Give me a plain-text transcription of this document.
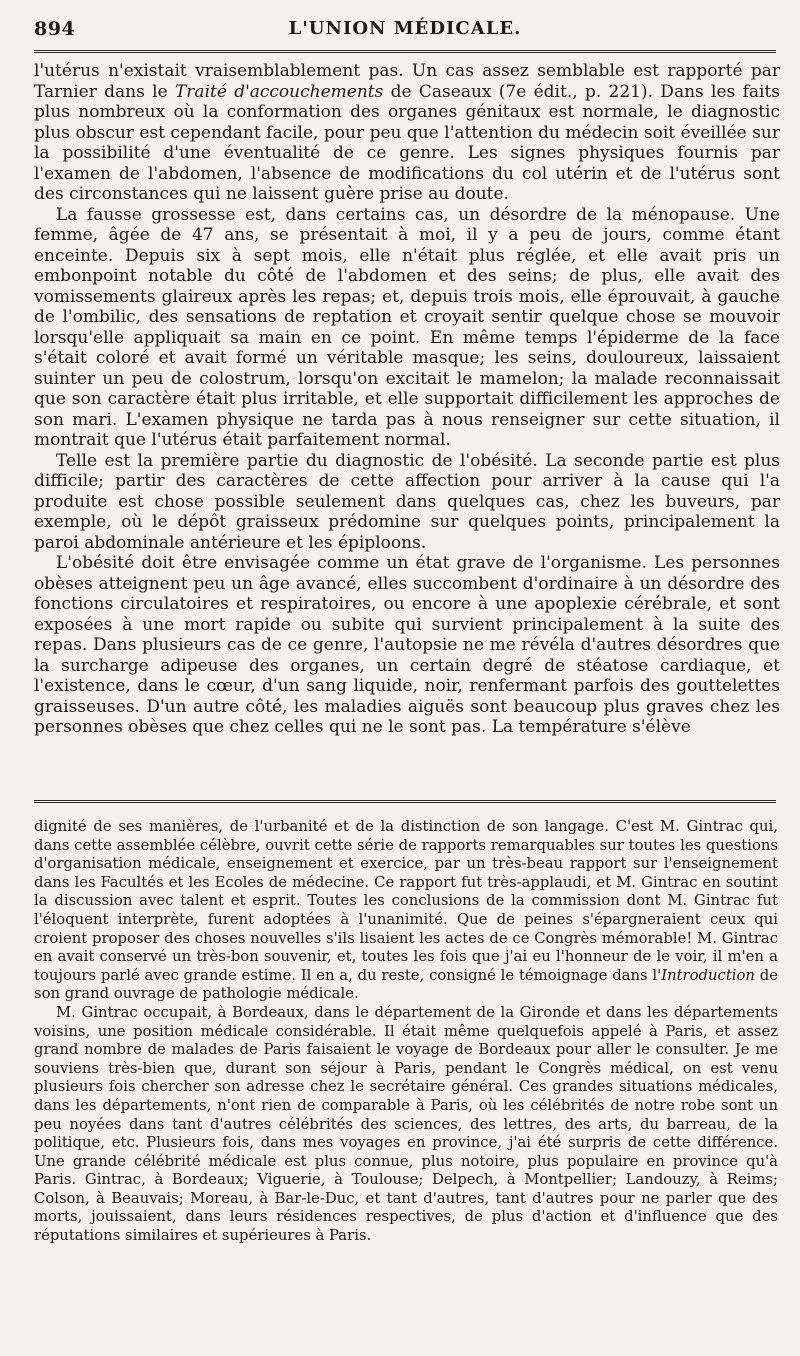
894	L'UNION MÉDICALE.

l'utérus n'existait vraisemblablement pas. Un cas assez semblable est rapporté par Tarnier dans le Traité d'accouchements de Caseaux (7e édit., p. 221). Dans les faits plus nombreux où la conformation des organes génitaux est normale, le diagnostic plus obscur est cependant facile, pour peu que l'attention du médecin soit éveillée sur la possibilité d'une éventualité de ce genre. Les signes physiques fournis par l'examen de l'abdomen, l'absence de modifications du col utérin et de l'utérus sont des circonstances qui ne laissent guère prise au doute.

La fausse grossesse est, dans certains cas, un désordre de la ménopause. Une femme, âgée de 47 ans, se présentait à moi, il y a peu de jours, comme étant enceinte. Depuis six à sept mois, elle n'était plus réglée, et elle avait pris un embonpoint notable du côté de l'abdomen et des seins; de plus, elle avait des vomissements glaireux après les repas; et, depuis trois mois, elle éprouvait, à gauche de l'ombilic, des sensations de reptation et croyait sentir quelque chose se mouvoir lorsqu'elle appliquait sa main en ce point. En même temps l'épiderme de la face s'était coloré et avait formé un véritable masque; les seins, douloureux, laissaient suinter un peu de colostrum, lorsqu'on excitait le mamelon; la malade reconnaissait que son caractère était plus irritable, et elle supportait difficilement les approches de son mari. L'examen physique ne tarda pas à nous renseigner sur cette situation, il montrait que l'utérus était parfaitement normal.

Telle est la première partie du diagnostic de l'obésité. La seconde partie est plus difficile; partir des caractères de cette affection pour arriver à la cause qui l'a produite est chose possible seulement dans quelques cas, chez les buveurs, par exemple, où le dépôt graisseux prédomine sur quelques points, principalement la paroi abdominale antérieure et les épiploons.

L'obésité doit être envisagée comme un état grave de l'organisme. Les personnes obèses atteignent peu un âge avancé, elles succombent d'ordinaire à un désordre des fonctions circulatoires et respiratoires, ou encore à une apoplexie cérébrale, et sont exposées à une mort rapide ou subite qui survient principalement à la suite des repas. Dans plusieurs cas de ce genre, l'autopsie ne me révéla d'autres désordres que la surcharge adipeuse des organes, un certain degré de stéatose cardiaque, et l'existence, dans le cœur, d'un sang liquide, noir, renfermant parfois des gouttelettes graisseuses. D'un autre côté, les maladies aiguës sont beaucoup plus graves chez les personnes obèses que chez celles qui ne le sont pas. La température s'élève

dignité de ses manières, de l'urbanité et de la distinction de son langage. C'est M. Gintrac qui, dans cette assemblée célèbre, ouvrit cette série de rapports remarquables sur toutes les questions d'organisation médicale, enseignement et exercice, par un très-beau rapport sur l'enseignement dans les Facultés et les Ecoles de médecine. Ce rapport fut très-applaudi, et M. Gintrac en soutint la discussion avec talent et esprit. Toutes les conclusions de la commission dont M. Gintrac fut l'éloquent interprète, furent adoptées à l'unanimité. Que de peines s'épargneraient ceux qui croient proposer des choses nouvelles s'ils lisaient les actes de ce Congrès mémorable! M. Gintrac en avait conservé un très-bon souvenir, et, toutes les fois que j'ai eu l'honneur de le voir, il m'en a toujours parlé avec grande estime. Il en a, du reste, consigné le témoignage dans l'Introduction de son grand ouvrage de pathologie médicale.

M. Gintrac occupait, à Bordeaux, dans le département de la Gironde et dans les départements voisins, une position médicale considérable. Il était même quelquefois appelé à Paris, et assez grand nombre de malades de Paris faisaient le voyage de Bordeaux pour aller le consulter. Je me souviens très-bien que, durant son séjour à Paris, pendant le Congrès médical, on est venu plusieurs fois chercher son adresse chez le secrétaire général. Ces grandes situations médicales, dans les départements, n'ont rien de comparable à Paris, où les célébrités de notre robe sont un peu noyées dans tant d'autres célébrités des sciences, des lettres, des arts, du barreau, de la politique, etc. Plusieurs fois, dans mes voyages en province, j'ai été surpris de cette différence. Une grande célébrité médicale est plus connue, plus notoire, plus populaire en province qu'à Paris. Gintrac, à Bordeaux; Viguerie, à Toulouse; Delpech, à Montpellier; Landouzy, à Reims; Colson, à Beauvais; Moreau, à Bar-le-Duc, et tant d'autres, tant d'autres pour ne parler que des morts, jouissaient, dans leurs résidences respectives, de plus d'action et d'influence que des réputations similaires et supérieures à Paris.
